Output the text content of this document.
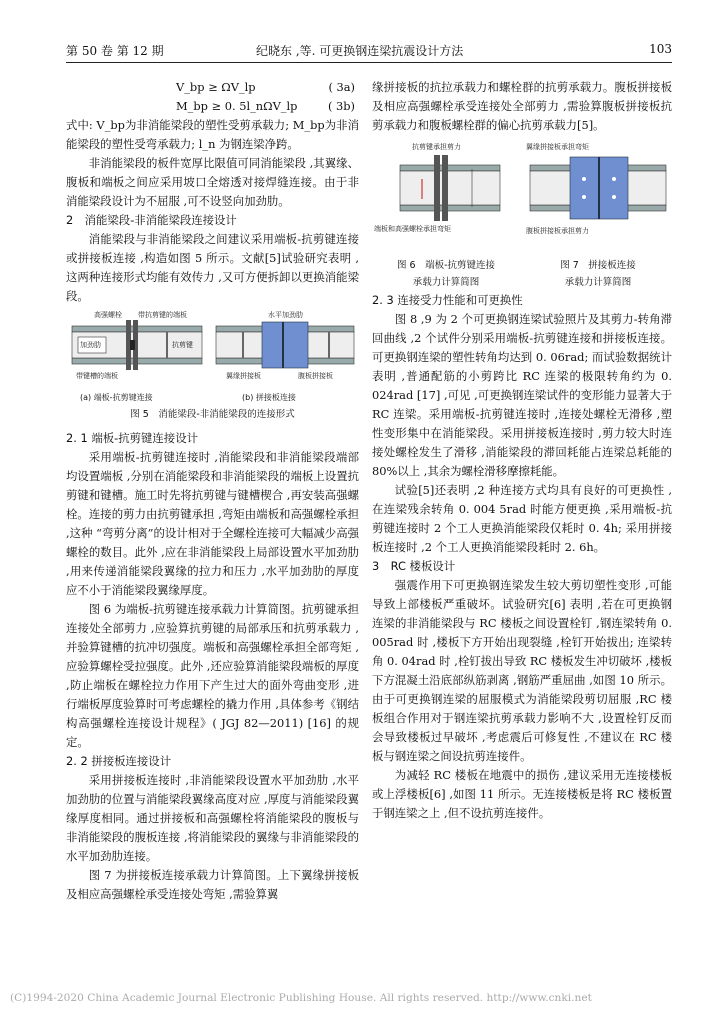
第 50 卷 第 12 期	纪晓东 ,等. 可更换钢连梁抗震设计方法	103
V_bp ≥ ΩV_lp	( 3a)
M_bp ≥ 0. 5l_nΩV_lp	( 3b)

式中: V_bp为非消能梁段的塑性受剪承载力; M_bp为非消能梁段的塑性受弯承载力; l_n 为钢连梁净跨。

非消能梁段的板件宽厚比限值可同消能梁段 ,其翼缘、腹板和端板之间应采用坡口全熔透对接焊缝连接。由于非消能梁段设计为不屈服 ,可不设竖向加劲肋。

2　消能梁段-非消能梁段连接设计

消能梁段与非消能梁段之间建议采用端板-抗剪键连接或拼接板连接 ,构造如图 5 所示。文献[5]试验研究表明 ,这两种连接形式均能有效传力 ,又可方便拆卸以更换消能梁段。

高强螺栓 带抗剪键的端板
加劲肋	抗剪键
带键槽的端板
水平加劲肋
翼缘拼接板	腹板拼接板
(a) 端板-抗剪键连接	(b) 拼接板连接
图 5　消能梁段-非消能梁段的连接形式

2. 1 端板-抗剪键连接设计

采用端板-抗剪键连接时 ,消能梁段和非消能梁段端部均设置端板 ,分别在消能梁段和非消能梁段的端板上设置抗剪键和键槽。施工时先将抗剪键与键槽楔合 ,再安装高强螺栓。连接的剪力由抗剪键承担 ,弯矩由端板和高强螺栓承担 ,这种 “弯剪分离”的设计相对于全螺栓连接可大幅减少高强螺栓的数目。此外 ,应在非消能梁段上局部设置水平加劲肋 ,用来传递消能梁段翼缘的拉力和压力 ,水平加劲肋的厚度应不小于消能梁段翼缘厚度。

图 6 为端板-抗剪键连接承载力计算简图。抗剪键承担连接处全部剪力 ,应验算抗剪键的局部承压和抗剪承载力 ,并验算键槽的抗冲切强度。端板和高强螺栓承担全部弯矩 ,应验算螺栓受拉强度。此外 ,还应验算消能梁段端板的厚度 ,防止端板在螺栓拉力作用下产生过大的面外弯曲变形 ,进行端板厚度验算时可考虑螺栓的撬力作用 ,具体参考《钢结构高强螺栓连接设计规程》( JGJ 82—2011) [16] 的规定。

2. 2 拼接板连接设计

采用拼接板连接时 ,非消能梁段设置水平加劲肋 ,水平加劲肋的位置与消能梁段翼缘高度对应 ,厚度与消能梁段翼缘厚度相同。通过拼接板和高强螺栓将消能梁段的腹板与非消能梁段的腹板连接 ,将消能梁段的翼缘与非消能梁段的水平加劲肋连接。

图 7 为拼接板连接承载力计算简图。上下翼缘拼接板及相应高强螺栓承受连接处弯矩 ,需验算翼

缘拼接板的抗拉承载力和螺栓群的抗剪承载力。腹板拼接板及相应高强螺栓承受连接处全部剪力 ,需验算腹板拼接板抗剪承载力和腹板螺栓群的偏心抗剪承载力[5]。

抗剪键承担剪力
端板和高强螺栓承担弯矩
翼缘拼接板承担弯矩
腹板拼接板承担剪力
图 6　端板-抗剪键连接
承载力计算简图
图 7　拼接板连接
承载力计算简图

2. 3 连接受力性能和可更换性

图 8 ,9 为 2 个可更换钢连梁试验照片及其剪力-转角滞回曲线 ,2 个试件分别采用端板-抗剪键连接和拼接板连接。可更换钢连梁的塑性转角均达到 0. 06rad; 而试验数据统计表明 ,普通配筋的小剪跨比 RC 连梁的极限转角约为 0. 024rad [17] ,可见 ,可更换钢连梁试件的变形能力显著大于 RC 连梁。采用端板-抗剪键连接时 ,连接处螺栓无滑移 ,塑性变形集中在消能梁段。采用拼接板连接时 ,剪力较大时连接处螺栓发生了滑移 ,消能梁段的滞回耗能占连梁总耗能的 80%以上 ,其余为螺栓滑移摩擦耗能。

试验[5]还表明 ,2 种连接方式均具有良好的可更换性 ,在连梁残余转角 0. 004 5rad 时能方便更换 ,采用端板-抗剪键连接时 2 个工人更换消能梁段仅耗时 0. 4h; 采用拼接板连接时 ,2 个工人更换消能梁段耗时 2. 6h。

3　RC 楼板设计

强震作用下可更换钢连梁发生较大剪切塑性变形 ,可能导致上部楼板严重破坏。试验研究[6] 表明 ,若在可更换钢连梁的非消能梁段与 RC 楼板之间设置栓钉 ,钢连梁转角 0. 005rad 时 ,楼板下方开始出现裂缝 ,栓钉开始拔出; 连梁转角 0. 04rad 时 ,栓钉拔出导致 RC 楼板发生冲切破坏 ,楼板下方混凝土沿底部纵筋剥离 ,钢筋严重屈曲 ,如图 10 所示。由于可更换钢连梁的屈服模式为消能梁段剪切屈服 ,RC 楼板组合作用对于钢连梁抗剪承载力影响不大 ,设置栓钉反而会导致楼板过早破坏 ,考虑震后可修复性 ,不建议在 RC 楼板与钢连梁之间设抗剪连接件。

为减轻 RC 楼板在地震中的损伤 ,建议采用无连接楼板或上浮楼板[6] ,如图 11 所示。无连接楼板是将 RC 楼板置于钢连梁之上 ,但不设抗剪连接件。

(C)1994-2020 China Academic Journal Electronic Publishing House. All rights reserved. http://www.cnki.net
